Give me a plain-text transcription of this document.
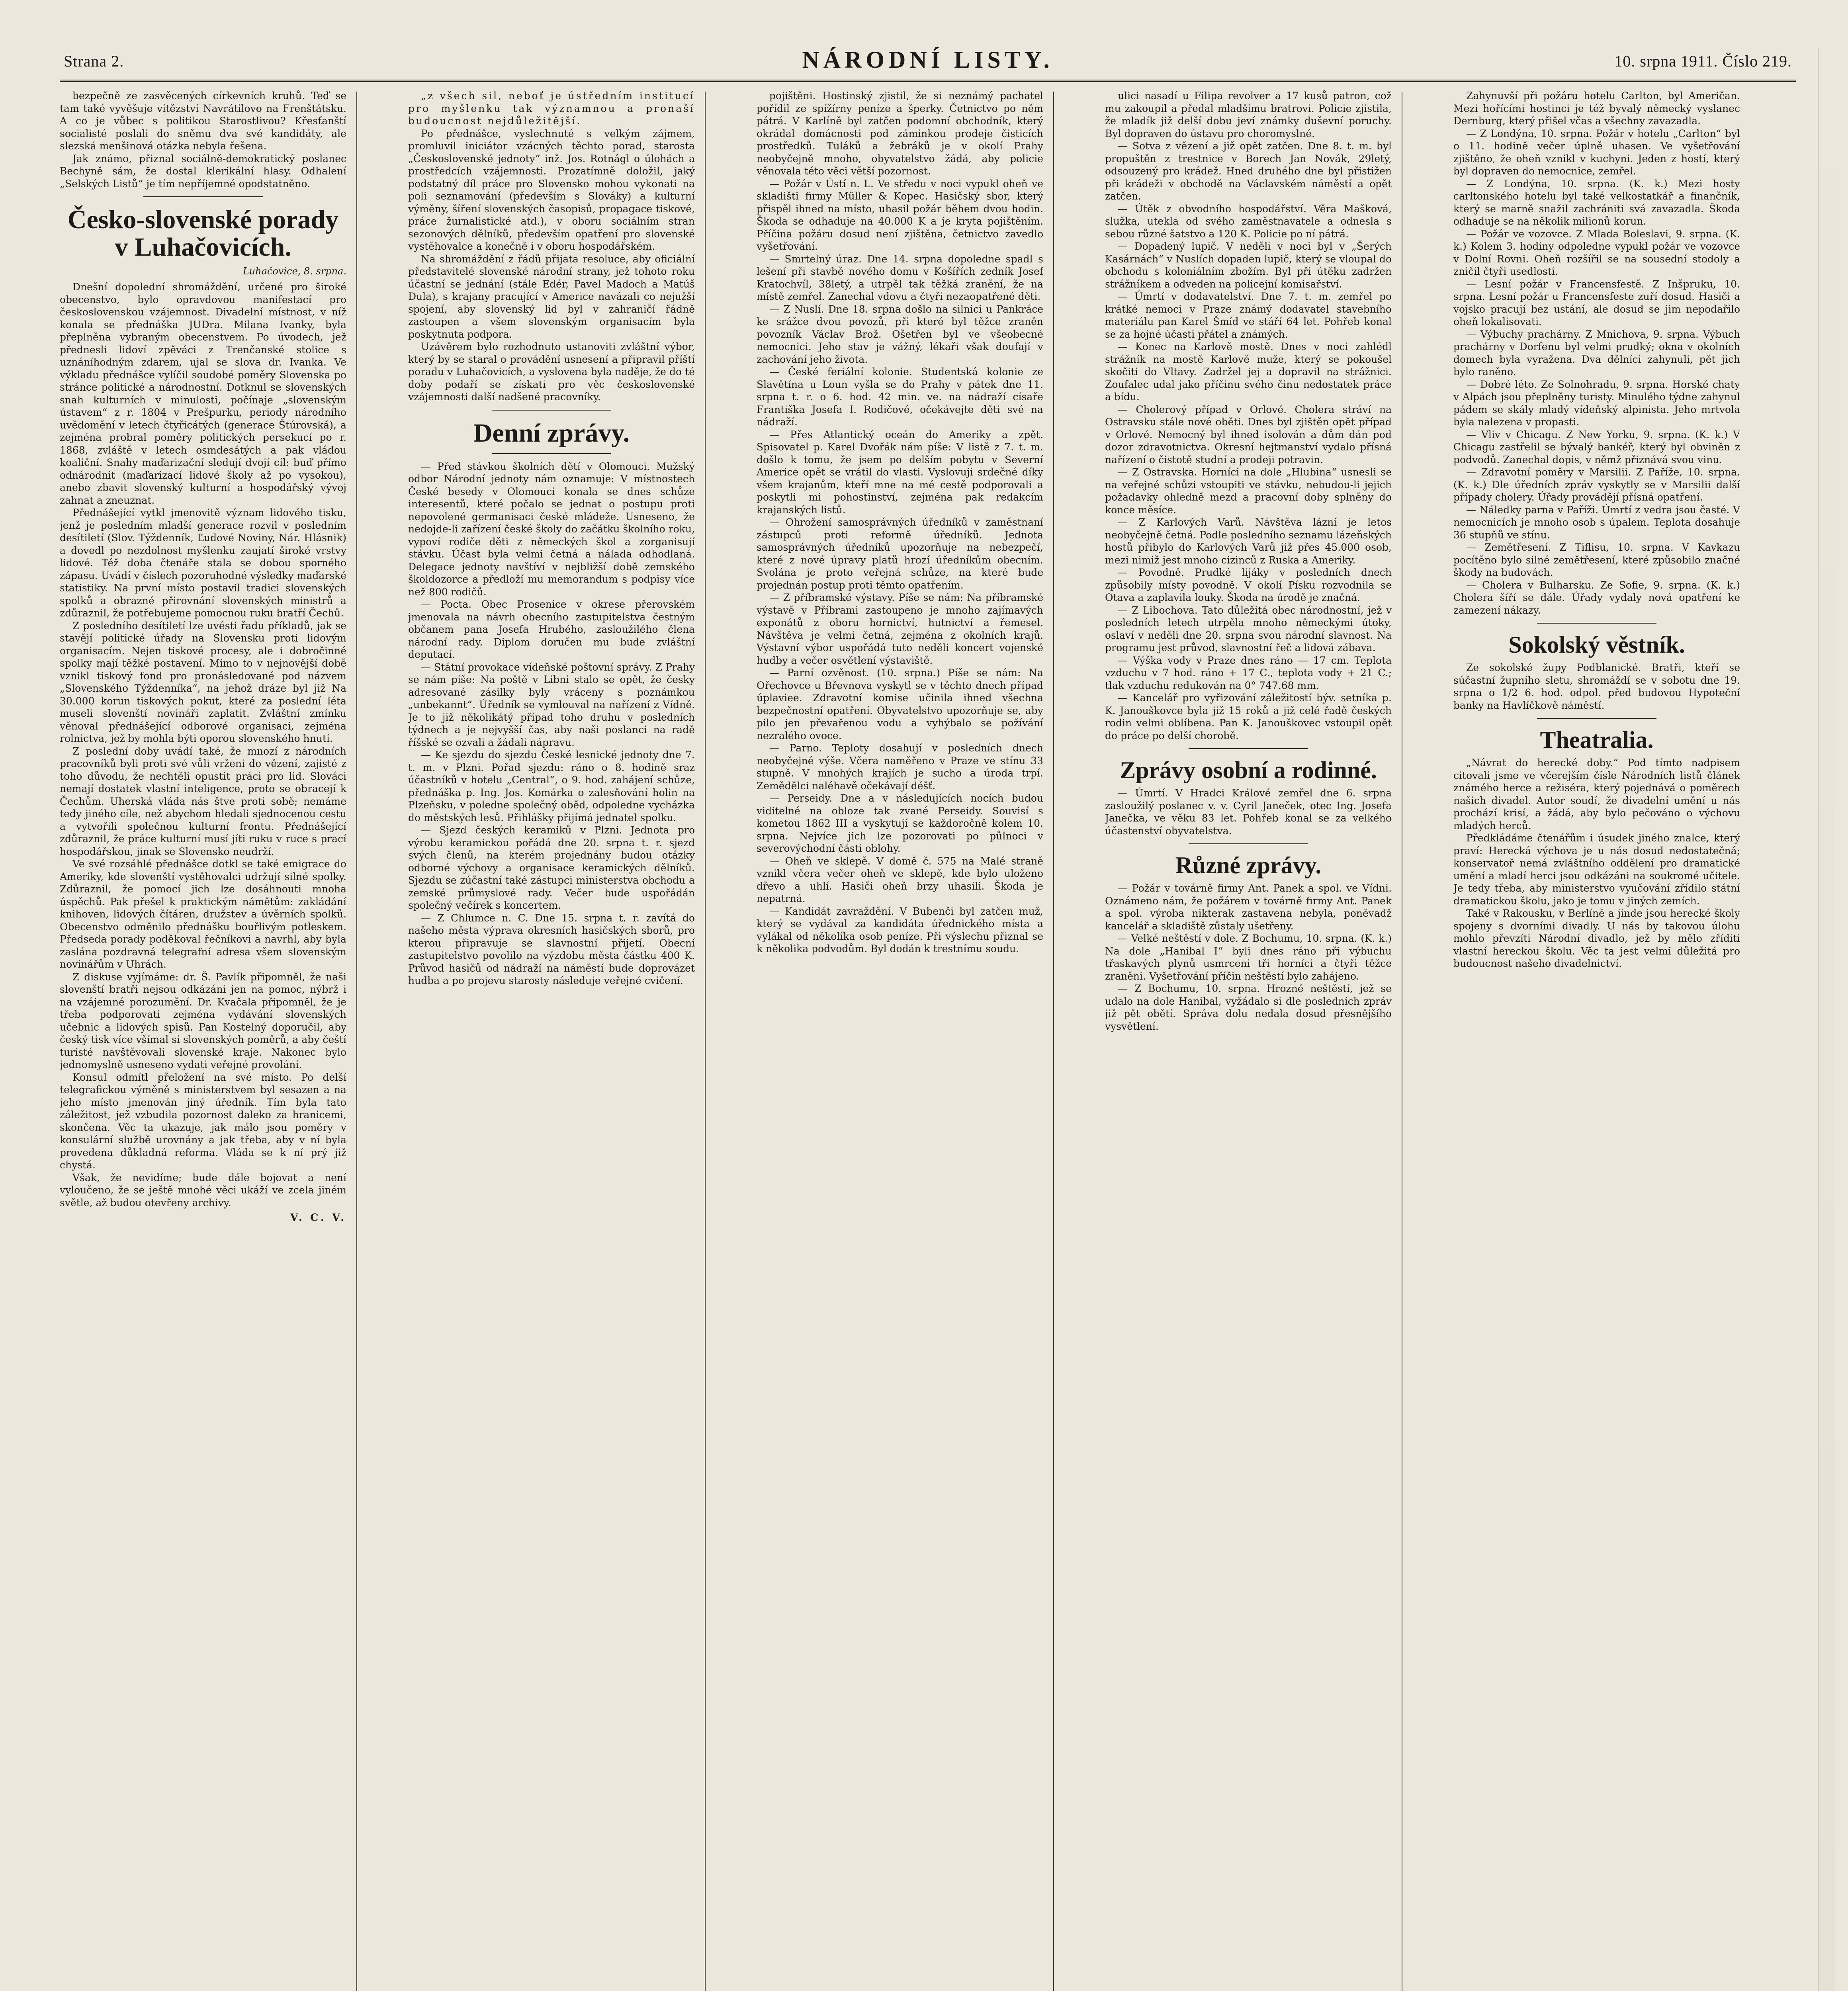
Strana 2.	NÁRODNÍ LISTY.	10. srpna 1911. Číslo 219.

bezpečně ze zasvěcených církevních kruhů. Teď se tam také vyvěšuje vítězství Navrátilovo na Frenštátsku. A co je vůbec s politikou Starostlivou? Křesťanští socialisté poslali do sněmu dva své kandidáty, ale slezská menšinová otázka nebyla řešena.

Jak známo, přiznal sociálně-demokratický poslanec Bechyně sám, že dostal klerikální hlasy. Odhalení „Selských Listů“ je tím nepříjemné opodstatněno.

Česko-slovenské porady v Luhačovicích.
Luhačovice, 8. srpna.

Dnešní dopolední shromáždění, určené pro široké obecenstvo, bylo opravdovou manifestací pro československou vzájemnost. Divadelní místnost, v níž konala se přednáška JUDra. Milana Ivanky, byla přeplněna vybraným obecenstvem. Po úvodech, jež přednesli lidoví zpěváci z Trenčanské stolice s uznáníhodným zdarem, ujal se slova dr. Ivanka. Ve výkladu přednášce vylíčil soudobé poměry Slovenska po stránce politické a národnostní. Dotknul se slovenských snah kulturních v minulosti, počínaje „slovenským ústavem“ z r. 1804 v Prešpurku, periody národního uvědomění v letech čtyřicátých (generace Štúrovská), a zejména probral poměry politických persekucí po r. 1868, zvláště v letech osmdesátých a pak vládou koaliční. Snahy maďarizační sledují dvojí cíl: buď přímo odnárodnit (maďarizací lidové školy až po vysokou), anebo zbavit slovenský kulturní a hospodářský vývoj zahnat a zneuznat.

Přednášející vytkl jmenovitě význam lidového tisku, jenž je posledním mladší generace rozvil v posledním desítiletí (Slov. Týždenník, Ľudové Noviny, Nár. Hlásnik) a dovedl po nezdolnost myšlenku zaujatí široké vrstvy lidové. Též doba čtenáře stala se dobou sporného zápasu. Uvádí v číslech pozoruhodné výsledky maďarské statistiky. Na první místo postavil tradici slovenských spolků a obrazné přirovnání slovenských ministrů a zdůraznil, že potřebujeme pomocnou ruku bratří Čechů.

Z posledního desítiletí lze uvésti řadu příkladů, jak se stavějí politické úřady na Slovensku proti lidovým organisacím. Nejen tiskové procesy, ale i dobročinné spolky mají těžké postavení. Mimo to v nejnovější době vznikl tiskový fond pro pronásledované pod názvem „Slovenského Týždenníka“, na jehož dráze byl již Na 30.000 korun tiskových pokut, které za poslední léta museli slovenští novináři zaplatit. Zvláštní zmínku věnoval přednášející odborové organisaci, zejména rolnictva, jež by mohla býti oporou slovenského hnutí.

Z poslední doby uvádí také, že mnozí z národních pracovníků byli proti své vůli vrženi do vězení, zajisté z toho důvodu, že nechtěli opustit práci pro lid. Slováci nemají dostatek vlastní inteligence, proto se obracejí k Čechům. Uherská vláda nás štve proti sobě; nemáme tedy jiného cíle, než abychom hledali sjednocenou cestu a vytvořili společnou kulturní frontu. Přednášející zdůraznil, že práce kulturní musí jíti ruku v ruce s prací hospodářskou, jinak se Slovensko neudrží.

Ve své rozsáhlé přednášce dotkl se také emigrace do Ameriky, kde slovenští vystěhovalci udržují silné spolky. Zdůraznil, že pomocí jich lze dosáhnouti mnoha úspěchů. Pak přešel k praktickým námětům: zakládání knihoven, lidových čítáren, družstev a úvěrních spolků. Obecenstvo odměnilo přednášku bouřlivým potleskem. Předseda porady poděkoval řečníkovi a navrhl, aby byla zaslána pozdravná telegrafní adresa všem slovenským novinářům v Uhrách.

Z diskuse vyjímáme: dr. Š. Pavlík připomněl, že naši slovenští bratři nejsou odkázáni jen na pomoc, nýbrž i na vzájemné porozumění. Dr. Kvačala připomněl, že je třeba podporovati zejména vydávání slovenských učebnic a lidových spisů. Pan Kostelný doporučil, aby český tisk více všímal si slovenských poměrů, a aby čeští turisté navštěvovali slovenské kraje. Nakonec bylo jednomyslně usneseno vydati veřejné provolání.

Konsul odmítl přeložení na své místo. Po delší telegrafickou výměně s ministerstvem byl sesazen a na jeho místo jmenován jiný úředník. Tím byla tato záležitost, jež vzbudila pozornost daleko za hranicemi, skončena. Věc ta ukazuje, jak málo jsou poměry v konsulární službě urovnány a jak třeba, aby v ní byla provedena důkladná reforma. Vláda se k ní prý již chystá.

Však, že nevidíme; bude dále bojovat a není vyloučeno, že se ještě mnohé věci ukáží ve zcela jiném světle, až budou otevřeny archivy.

V. C. V.

„z všech sil, neboť je ústředním institucí pro myšlenku tak významnou a pronaší budoucnost nejdůležitější.

Po přednášce, vyslechnuté s velkým zájmem, promluvil iniciátor vzácných těchto porad, starosta „Československé jednoty“ inž. Jos. Rotnágl o úlohách a prostředcích vzájemnosti. Prozatímně doložil, jaký podstatný díl práce pro Slovensko mohou vykonati na poli seznamování (především s Slováky) a kulturní výměny, šíření slovenských časopisů, propagace tiskové, práce žurnalistické atd.), v oboru sociálním stran sezonových dělníků, především opatření pro slovenské vystěhovalce a konečně i v oboru hospodářském.

Na shromáždění z řádů přijata resoluce, aby oficiální představitelé slovenské národní strany, jež tohoto roku účastní se jednání (stále Edér, Pavel Madoch a Matúš Dula), s krajany pracující v Americe navázali co nejužší spojení, aby slovenský lid byl v zahraničí řádně zastoupen a všem slovenským organisacím byla poskytnuta podpora.

Uzávěrem bylo rozhodnuto ustanoviti zvláštní výbor, který by se staral o provádění usnesení a připravil příští poradu v Luhačovicích, a vyslovena byla naděje, že do té doby podaří se získati pro věc československé vzájemnosti další nadšené pracovníky.

Denní zprávy.

— Před stávkou školních dětí v Olomouci. Mužský odbor Národní jednoty nám oznamuje: V místnostech České besedy v Olomouci konala se dnes schůze interesentů, které počalo se jednat o postupu proti nepovolené germanisaci české mládeže. Usneseno, že nedojde-li zařízení české školy do začátku školního roku, vypoví rodiče děti z německých škol a zorganisují stávku. Účast byla velmi četná a nálada odhodlaná. Delegace jednoty navštíví v nejbližší době zemského školdozorce a předloží mu memorandum s podpisy více než 800 rodičů.

— Pocta. Obec Prosenice v okrese přerovském jmenovala na návrh obecního zastupitelstva čestným občanem pana Josefa Hrubého, zasloužilého člena národní rady. Diplom doručen mu bude zvláštní deputací.

— Státní provokace vídeňské poštovní správy. Z Prahy se nám píše: Na poště v Libni stalo se opět, že česky adresované zásilky byly vráceny s poznámkou „unbekannt“. Úředník se vymlouval na nařízení z Vídně. Je to již několikátý případ toho druhu v posledních týdnech a je nejvyšší čas, aby naši poslanci na radě říšské se ozvali a žádali nápravu.

— Ke sjezdu do sjezdu České lesnické jednoty dne 7. t. m. v Plzni. Pořad sjezdu: ráno o 8. hodině sraz účastníků v hotelu „Central“, o 9. hod. zahájení schůze, přednáška p. Ing. Jos. Komárka o zalesňování holin na Plzeňsku, v poledne společný oběd, odpoledne vycházka do městských lesů. Přihlášky přijímá jednatel spolku.

— Sjezd českých keramiků v Plzni. Jednota pro výrobu keramickou pořádá dne 20. srpna t. r. sjezd svých členů, na kterém projednány budou otázky odborné výchovy a organisace keramických dělníků. Sjezdu se zúčastní také zástupci ministerstva obchodu a zemské průmyslové rady. Večer bude uspořádán společný večírek s koncertem.

— Z Chlumce n. C. Dne 15. srpna t. r. zavítá do našeho města výprava okresních hasičských sborů, pro kterou připravuje se slavnostní přijetí. Obecní zastupitelstvo povolilo na výzdobu města částku 400 K. Průvod hasičů od nádraží na náměstí bude doprovázet hudba a po projevu starosty následuje veřejné cvičení.

pojištěni. Hostinský zjistil, že si neznámý pachatel pořídil ze spížírny peníze a šperky. Četnictvo po něm pátrá. V Karlíně byl zatčen podomní obchodník, který okrádal domácnosti pod záminkou prodeje čisticích prostředků. Tuláků a žebráků je v okolí Prahy neobyčejně mnoho, obyvatelstvo žádá, aby policie věnovala této věci větší pozornost.

— Požár v Ústí n. L. Ve středu v noci vypukl oheň ve skladišti firmy Müller & Kopec. Hasičský sbor, který přispěl ihned na místo, uhasil požár během dvou hodin. Škoda se odhaduje na 40.000 K a je kryta pojištěním. Příčina požáru dosud není zjištěna, četnictvo zavedlo vyšetřování.

— Smrtelný úraz. Dne 14. srpna dopoledne spadl s lešení při stavbě nového domu v Košířích zedník Josef Kratochvíl, 38letý, a utrpěl tak těžká zranění, že na místě zemřel. Zanechal vdovu a čtyři nezaopatřené děti.

— Z Nuslí. Dne 18. srpna došlo na silnici u Pankráce ke srážce dvou povozů, při které byl těžce zraněn povozník Václav Brož. Ošetřen byl ve všeobecné nemocnici. Jeho stav je vážný, lékaři však doufají v zachování jeho života.

— České feriální kolonie. Studentská kolonie ze Slavětína u Loun vyšla se do Prahy v pátek dne 11. srpna t. r. o 6. hod. 42 min. ve. na nádraží císaře Františka Josefa I. Rodičové, očekávejte děti své na nádraží.

— Přes Atlantický oceán do Ameriky a zpět. Spisovatel p. Karel Dvořák nám píše: V listě z 7. t. m. došlo k tomu, že jsem po delším pobytu v Severní Americe opět se vrátil do vlasti. Vyslovuji srdečné díky všem krajanům, kteří mne na mé cestě podporovali a poskytli mi pohostinství, zejména pak redakcím krajanských listů.

— Ohrožení samosprávných úředníků v zaměstnaní zástupců proti reformě úředníků. Jednota samosprávných úředníků upozorňuje na nebezpečí, které z nové úpravy platů hrozí úředníkům obecním. Svolána je proto veřejná schůze, na které bude projednán postup proti těmto opatřením.

— Z příbramské výstavy. Píše se nám: Na příbramské výstavě v Příbrami zastoupeno je mnoho zajímavých exponátů z oboru hornictví, hutnictví a řemesel. Návštěva je velmi četná, zejména z okolních krajů. Výstavní výbor uspořádá tuto neděli koncert vojenské hudby a večer osvětlení výstaviště.

— Parní ozvěnost. (10. srpna.) Píše se nám: Na Ořechovce u Břevnova vyskytl se v těchto dnech případ úplaviee. Zdravotní komise učinila ihned všechna bezpečnostní opatření. Obyvatelstvo upozorňuje se, aby pilo jen převařenou vodu a vyhýbalo se požívání nezralého ovoce.

— Parno. Teploty dosahují v posledních dnech neobyčejné výše. Včera naměřeno v Praze ve stínu 33 stupně. V mnohých krajích je sucho a úroda trpí. Zemědělci naléhavě očekávají déšť.

— Perseidy. Dne a v následujících nocích budou viditelné na obloze tak zvané Perseidy. Souvisí s kometou 1862 III a vyskytují se každoročně kolem 10. srpna. Nejvíce jich lze pozorovati po půlnoci v severovýchodní části oblohy.

— Oheň ve sklepě. V domě č. 575 na Malé straně vznikl včera večer oheň ve sklepě, kde bylo uloženo dřevo a uhlí. Hasiči oheň brzy uhasili. Škoda je nepatrná.

— Kandidát zavraždění. V Bubenči byl zatčen muž, který se vydával za kandidáta úřednického místa a vylákal od několika osob peníze. Při výslechu přiznal se k několika podvodům. Byl dodán k trestnímu soudu.

ulici nasadí u Filipa revolver a 17 kusů patron, což mu zakoupil a předal mladšímu bratrovi. Policie zjistila, že mladík již delší dobu jeví známky duševní poruchy. Byl dopraven do ústavu pro choromyslné.

— Sotva z vězení a již opět zatčen. Dne 8. t. m. byl propuštěn z trestnice v Borech Jan Novák, 29letý, odsouzený pro krádež. Hned druhého dne byl přistižen při krádeži v obchodě na Václavském náměstí a opět zatčen.

— Útěk z obvodního hospodářství. Věra Mašková, služka, utekla od svého zaměstnavatele a odnesla s sebou různé šatstvo a 120 K. Policie po ní pátrá.

— Dopadený lupič. V neděli v noci byl v „Šerých Kasárnách“ v Nuslích dopaden lupič, který se vloupal do obchodu s koloniálním zbožím. Byl při útěku zadržen strážníkem a odveden na policejní komisařství.

— Úmrtí v dodavatelství. Dne 7. t. m. zemřel po krátké nemoci v Praze známý dodavatel stavebního materiálu pan Karel Šmíd ve stáří 64 let. Pohřeb konal se za hojné účasti přátel a známých.

— Konec na Karlově mostě. Dnes v noci zahlédl strážník na mostě Karlově muže, který se pokoušel skočiti do Vltavy. Zadržel jej a dopravil na strážnici. Zoufalec udal jako příčinu svého činu nedostatek práce a bídu.

— Cholerový případ v Orlové. Cholera stráví na Ostravsku stále nové oběti. Dnes byl zjištěn opět případ v Orlové. Nemocný byl ihned isolován a dům dán pod dozor zdravotnictva. Okresní hejtmanství vydalo přísná nařízení o čistotě studní a prodeji potravin.

— Z Ostravska. Horníci na dole „Hlubina“ usnesli se na veřejné schůzi vstoupiti ve stávku, nebudou-li jejich požadavky ohledně mezd a pracovní doby splněny do konce měsíce.

— Z Karlových Varů. Návštěva lázní je letos neobyčejně četná. Podle posledního seznamu lázeňských hostů přibylo do Karlových Varů již přes 45.000 osob, mezi nimiž jest mnoho cizinců z Ruska a Ameriky.

— Povodně. Prudké lijáky v posledních dnech způsobily místy povodně. V okolí Písku rozvodnila se Otava a zaplavila louky. Škoda na úrodě je značná.

— Z Libochova. Tato důležitá obec národnostní, jež v posledních letech utrpěla mnoho německými útoky, oslaví v neděli dne 20. srpna svou národní slavnost. Na programu jest průvod, slavnostní řeč a lidová zábava.

— Výška vody v Praze dnes ráno — 17 cm. Teplota vzduchu v 7 hod. ráno + 17 C., teplota vody + 21 C.; tlak vzduchu redukován na 0° 747.68 mm.

— Kancelář pro vyřizování záležitostí býv. setníka p. K. Janouškovce byla již 15 roků a již celé řadě českých rodin velmi oblíbena. Pan K. Janouškovec vstoupil opět do práce po delší chorobě.

Zprávy osobní a rodinné.

— Úmrtí. V Hradci Králové zemřel dne 6. srpna zasloužilý poslanec v. v. Cyril Janeček, otec Ing. Josefa Janečka, ve věku 83 let. Pohřeb konal se za velkého účastenství obyvatelstva.

Různé zprávy.

— Požár v továrně firmy Ant. Panek a spol. ve Vídni. Oznámeno nám, že požárem v továrně firmy Ant. Panek a spol. výroba nikterak zastavena nebyla, poněvadž kancelář a skladiště zůstaly ušetřeny.

— Velké neštěstí v dole. Z Bochumu, 10. srpna. (K. k.) Na dole „Hanibal I“ byli dnes ráno při výbuchu třaskavých plynů usmrceni tři horníci a čtyři těžce zraněni. Vyšetřování příčin neštěstí bylo zahájeno.

— Z Bochumu, 10. srpna. Hrozné neštěstí, jež se udalo na dole Hanibal, vyžádalo si dle posledních zpráv již pět obětí. Správa dolu nedala dosud přesnějšího vysvětlení.

Zahynuvší při požáru hotelu Carlton, byl Američan. Mezi hořícími hostinci je též byvalý německý vyslanec Dernburg, který přišel včas a všechny zavazadla.

— Z Londýna, 10. srpna. Požár v hotelu „Carlton“ byl o 11. hodině večer úplně uhasen. Ve vyšetřování zjištěno, že oheň vznikl v kuchyni. Jeden z hostí, který byl dopraven do nemocnice, zemřel.

— Z Londýna, 10. srpna. (K. k.) Mezi hosty carltonského hotelu byl také velkostatkář a finančník, který se marně snažil zachrániti svá zavazadla. Škoda odhaduje se na několik milionů korun.

— Požár ve vozovce. Z Mlada Boleslavi, 9. srpna. (K. k.) Kolem 3. hodiny odpoledne vypukl požár ve vozovce v Dolní Rovni. Oheň rozšířil se na sousední stodoly a zničil čtyři usedlosti.

— Lesní požár v Francensfestě. Z Inšpruku, 10. srpna. Lesní požár u Francensfeste zuří dosud. Hasiči a vojsko pracují bez ustání, ale dosud se jim nepodařilo oheň lokalisovati.

— Výbuchy prachárny. Z Mnichova, 9. srpna. Výbuch prachárny v Dorfenu byl velmi prudký; okna v okolních domech byla vyražena. Dva dělníci zahynuli, pět jich bylo raněno.

— Dobré léto. Ze Solnohradu, 9. srpna. Horské chaty v Alpách jsou přeplněny turisty. Minulého týdne zahynul pádem se skály mladý vídeňský alpinista. Jeho mrtvola byla nalezena v propasti.

— Vliv v Chicagu. Z New Yorku, 9. srpna. (K. k.) V Chicagu zastřelil se bývalý bankéř, který byl obviněn z podvodů. Zanechal dopis, v němž přiznává svou vinu.

— Zdravotní poměry v Marsilii. Z Paříže, 10. srpna. (K. k.) Dle úředních zpráv vyskytly se v Marsilii další případy cholery. Úřady provádějí přísná opatření.

— Náledky parna v Paříži. Úmrtí z vedra jsou časté. V nemocnicích je mnoho osob s úpalem. Teplota dosahuje 36 stupňů ve stínu.

— Zemětřesení. Z Tiflisu, 10. srpna. V Kavkazu pocítěno bylo silné zemětřesení, které způsobilo značné škody na budovách.

— Cholera v Bulharsku. Ze Sofie, 9. srpna. (K. k.) Cholera šíří se dále. Úřady vydaly nová opatření ke zamezení nákazy.

Sokolský věstník.

Ze sokolské župy Podblanické. Bratři, kteří se súčastní župního sletu, shromáždí se v sobotu dne 19. srpna o 1/2 6. hod. odpol. před budovou Hypoteční banky na Havlíčkově náměstí.

Theatralia.

„Návrat do herecké doby.“ Pod tímto nadpisem citovali jsme ve včerejším čísle Národních listů článek známého herce a režiséra, který pojednává o poměrech našich divadel. Autor soudí, že divadelní umění u nás prochází krisí, a žádá, aby bylo pečováno o výchovu mladých herců.

Předkládáme čtenářům i úsudek jiného znalce, který praví: Herecká výchova je u nás dosud nedostatečná; konservatoř nemá zvláštního oddělení pro dramatické umění a mladí herci jsou odkázáni na soukromé učitele. Je tedy třeba, aby ministerstvo vyučování zřídilo státní dramatickou školu, jako je tomu v jiných zemích.

Také v Rakousku, v Berlíně a jinde jsou herecké školy spojeny s dvorními divadly. U nás by takovou úlohu mohlo převzíti Národní divadlo, jež by mělo zříditi vlastní hereckou školu. Věc ta jest velmi důležitá pro budoucnost našeho divadelnictví.
